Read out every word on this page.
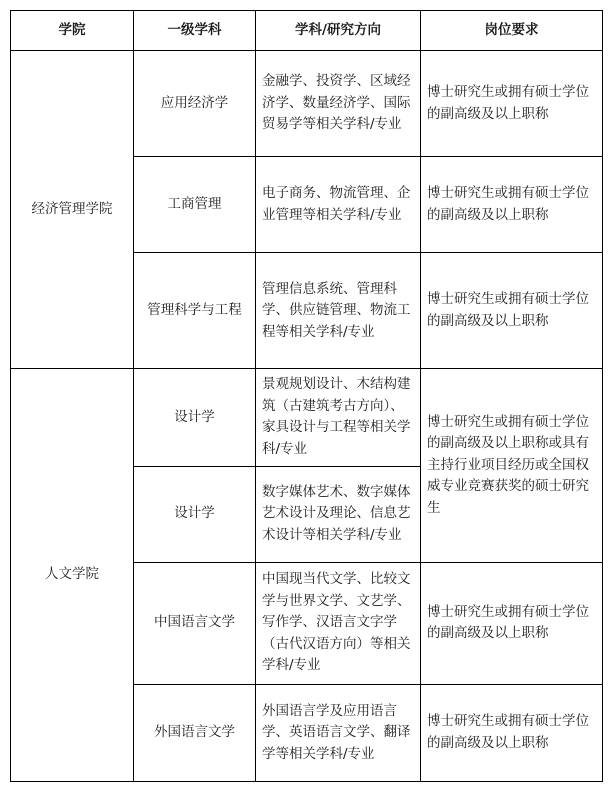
学院	一级学科	学科/研究方向	岗位要求
经济管理学院	应用经济学	金融学、投资学、区域经济学、数量经济学、国际贸易学等相关学科/专业	博士研究生或拥有硕士学位的副高级及以上职称
	工商管理	电子商务、物流管理、企业管理等相关学科/专业	博士研究生或拥有硕士学位的副高级及以上职称
	管理科学与工程	管理信息系统、管理科学、供应链管理、物流工程等相关学科/专业	博士研究生或拥有硕士学位的副高级及以上职称
人文学院	设计学	景观规划设计、木结构建筑（古建筑考古方向）、家具设计与工程等相关学科/专业	博士研究生或拥有硕士学位的副高级及以上职称或具有主持行业项目经历或全国权威专业竞赛获奖的硕士研究生
	设计学	数字媒体艺术、数字媒体艺术设计及理论、信息艺术设计等相关学科/专业	
	中国语言文学	中国现当代文学、比较文学与世界文学、文艺学、写作学、汉语言文字学（古代汉语方向）等相关学科/专业	博士研究生或拥有硕士学位的副高级及以上职称
	外国语言文学	外国语言学及应用语言学、英语语言文学、翻译学等相关学科/专业	博士研究生或拥有硕士学位的副高级及以上职称
